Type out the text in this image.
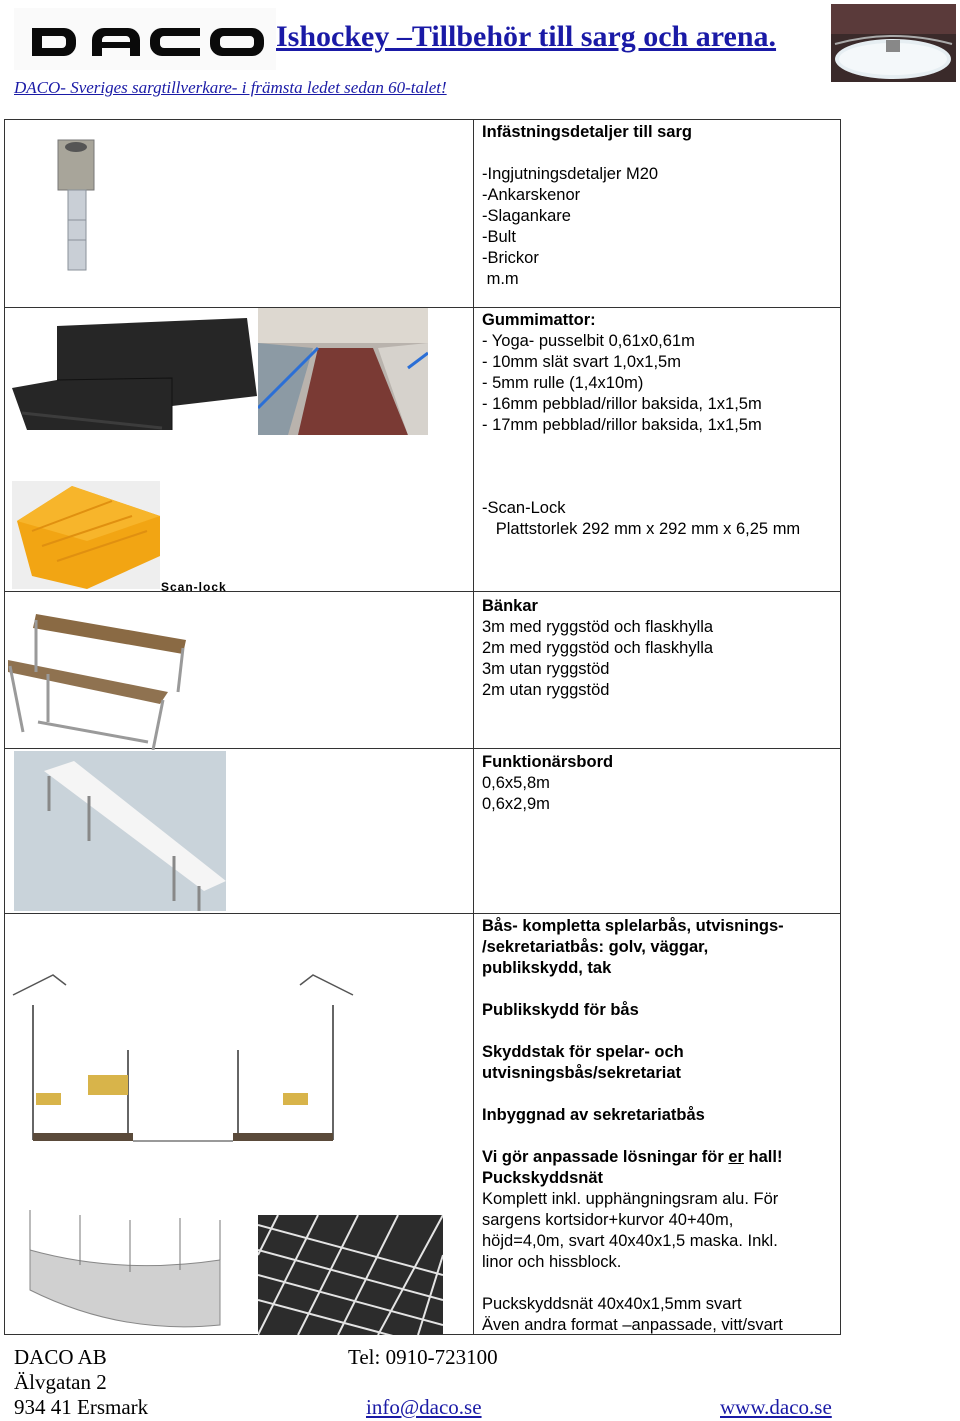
Ishockey –Tillbehör till sarg och arena.
DACO- Sveriges sargtillverkare- i främsta ledet sedan 60-talet!
Infästningsdetaljer till sarg
-Ingjutningsdetaljer M20
-Ankarskenor
-Slagankare
-Bult
-Brickor
m.m
Gummimattor:
- Yoga- pusselbit 0,61x0,61m
- 10mm slät svart 1,0x1,5m
- 5mm rulle (1,4x10m)
- 16mm pebblad/rillor baksida, 1x1,5m
- 17mm pebblad/rillor baksida, 1x1,5m
Scan-lock
-Scan-Lock
Plattstorlek 292 mm x 292 mm x 6,25 mm
Bänkar
3m med ryggstöd och flaskhylla
2m med ryggstöd och flaskhylla
3m utan ryggstöd
2m utan ryggstöd
Funktionärsbord
0,6x5,8m
0,6x2,9m
Bås- kompletta splelarbås, utvisnings-
/sekretariatbås: golv, väggar,
publikskydd, tak
Publikskydd för bås
Skyddstak för spelar- och
utvisningsbås/sekretariat
Inbyggnad av sekretariatbås
Vi gör anpassade lösningar för er hall!
Puckskyddsnät
Komplett inkl. upphängningsram alu. För
sargens kortsidor+kurvor 40+40m,
höjd=4,0m, svart 40x40x1,5 maska. Inkl.
linor och hissblock.
Puckskyddsnät 40x40x1,5mm svart
Även andra format –anpassade, vitt/svart
DACO AB
Älvgatan 2
934 41 Ersmark
Tel: 0910-723100
info@daco.se	www.daco.se
